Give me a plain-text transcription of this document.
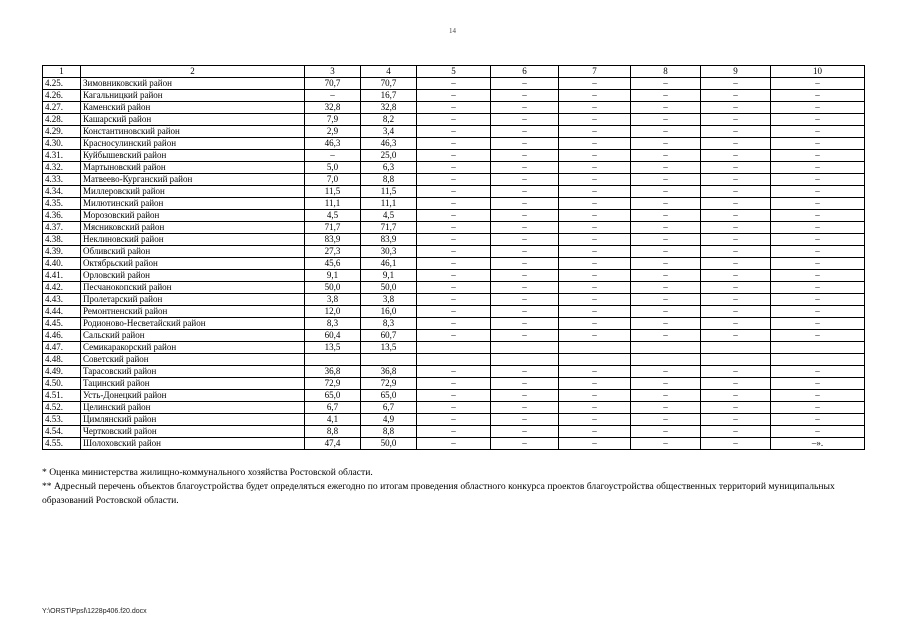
14
1	2	3	4	5	6	7	8	9	10
4.25.	Зимовниковский район	70,7	70,7	–	–	–	–	–	–
4.26.	Кагальницкий район	–	16,7	–	–	–	–	–	–
4.27.	Каменский район	32,8	32,8	–	–	–	–	–	–
4.28.	Кашарский район	7,9	8,2	–	–	–	–	–	–
4.29.	Константиновский район	2,9	3,4	–	–	–	–	–	–
4.30.	Красносулинский район	46,3	46,3	–	–	–	–	–	–
4.31.	Куйбышевский район	–	25,0	–	–	–	–	–	–
4.32.	Мартыновский район	5,0	6,3	–	–	–	–	–	–
4.33.	Матвеево-Курганский район	7,0	8,8	–	–	–	–	–	–
4.34.	Миллеровский район	11,5	11,5	–	–	–	–	–	–
4.35.	Милютинский район	11,1	11,1	–	–	–	–	–	–
4.36.	Морозовский район	4,5	4,5	–	–	–	–	–	–
4.37.	Мясниковский район	71,7	71,7	–	–	–	–	–	–
4.38.	Неклиновский район	83,9	83,9	–	–	–	–	–	–
4.39.	Обливский район	27,3	30,3	–	–	–	–	–	–
4.40.	Октябрьский район	45,6	46,1	–	–	–	–	–	–
4.41.	Орловский район	9,1	9,1	–	–	–	–	–	–
4.42.	Песчанокопский район	50,0	50,0	–	–	–	–	–	–
4.43.	Пролетарский район	3,8	3,8	–	–	–	–	–	–
4.44.	Ремонтненский район	12,0	16,0	–	–	–	–	–	–
4.45.	Родионово-Несветайский район	8,3	8,3	–	–	–	–	–	–
4.46.	Сальский район	60,4	60,7	–	–	–	–	–	–
4.47.	Семикаракорский район	13,5	13,5						
4.48.	Советский район								
4.49.	Тарасовский район	36,8	36,8	–	–	–	–	–	–
4.50.	Тацинский район	72,9	72,9	–	–	–	–	–	–
4.51.	Усть-Донецкий район	65,0	65,0	–	–	–	–	–	–
4.52.	Целинский район	6,7	6,7	–	–	–	–	–	–
4.53.	Цимлянский район	4,1	4,9	–	–	–	–	–	–
4.54.	Чертковский район	8,8	8,8	–	–	–	–	–	–
4.55.	Шолоховский район	47,4	50,0	–	–	–	–	–	–».

* Оценка министерства жилищно-коммунального хозяйства Ростовской области.

** Адресный перечень объектов благоустройства будет определяться ежегодно по итогам проведения областного конкурса проектов благоустройства общественных территорий муниципальных образований Ростовской области.

Y:\ORST\Ppsl\1228p406.f20.docx
